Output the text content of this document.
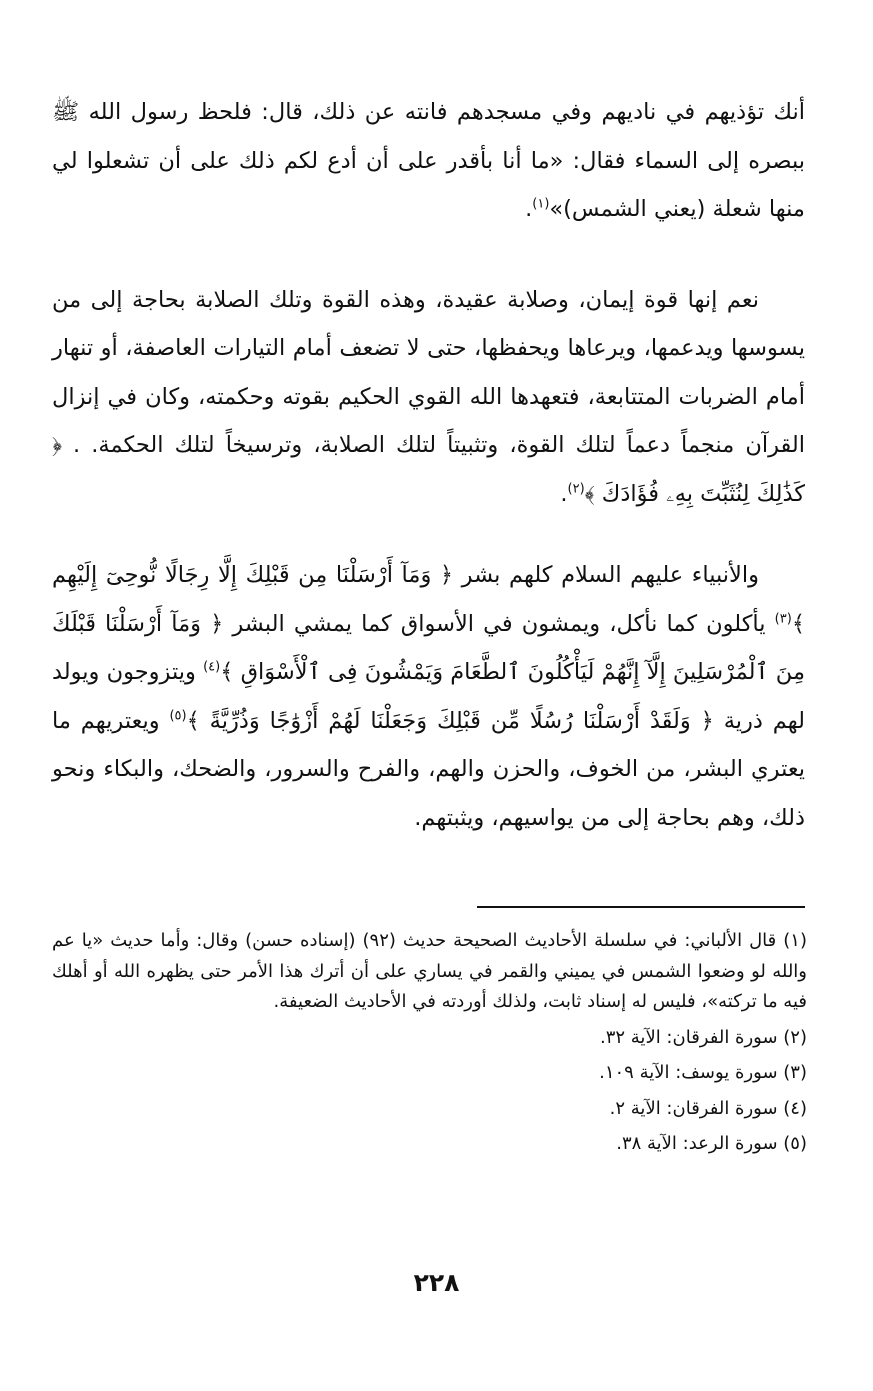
أنك تؤذيهم في ناديهم وفي مسجدهم فانته عن ذلك، قال: فلحظ رسول الله ﷺ ببصره إلى السماء فقال: «ما أنا بأقدر على أن أدع لكم ذلك على أن تشعلوا لي منها شعلة (يعني الشمس)»$^{(١)}$.

نعم إنها قوة إيمان، وصلابة عقيدة، وهذه القوة وتلك الصلابة بحاجة إلى من يسوسها ويدعمها، ويرعاها ويحفظها، حتى لا تضعف أمام التيارات العاصفة، أو تنهار أمام الضربات المتتابعة، فتعهدها الله القوي الحكيم بقوته وحكمته، وكان في إنزال القرآن منجماً دعماً لتلك القوة، وتثبيتاً لتلك الصلابة، وترسيخاً لتلك الحكمة. . ﴿ كَذَٰلِكَ لِنُثَبِّتَ بِهِۦ فُؤَادَكَ ﴾$^{(٢)}$.

والأنبياء عليهم السلام كلهم بشر ﴿ وَمَآ أَرْسَلْنَا مِن قَبْلِكَ إِلَّا رِجَالًا نُّوحِىٓ إِلَيْهِم ﴾$^{(٣)}$ يأكلون كما نأكل، ويمشون في الأسواق كما يمشي البشر ﴿ وَمَآ أَرْسَلْنَا قَبْلَكَ مِنَ ٱلْمُرْسَلِينَ إِلَّآ إِنَّهُمْ لَيَأْكُلُونَ ٱلطَّعَامَ وَيَمْشُونَ فِى ٱلْأَسْوَاقِ ﴾$^{(٤)}$ ويتزوجون ويولد لهم ذرية ﴿ وَلَقَدْ أَرْسَلْنَا رُسُلًا مِّن قَبْلِكَ وَجَعَلْنَا لَهُمْ أَزْوَٰجًا وَذُرِّيَّةً ﴾$^{(٥)}$ ويعتريهم ما يعتري البشر، من الخوف، والحزن والهم، والفرح والسرور، والضحك، والبكاء ونحو ذلك، وهم بحاجة إلى من يواسيهم، ويثبتهم.

(١) قال الألباني: في سلسلة الأحاديث الصحيحة حديث (٩٢) (إسناده حسن) وقال: وأما حديث «يا عم والله لو وضعوا الشمس في يميني والقمر في يساري على أن أترك هذا الأمر حتى يظهره الله أو أهلك فيه ما تركته»، فليس له إسناد ثابت، ولذلك أوردته في الأحاديث الضعيفة.

(٢) سورة الفرقان: الآية ٣٢.

(٣) سورة يوسف: الآية ١٠٩.

(٤) سورة الفرقان: الآية ٢.

(٥) سورة الرعد: الآية ٣٨.

٢٢٨
